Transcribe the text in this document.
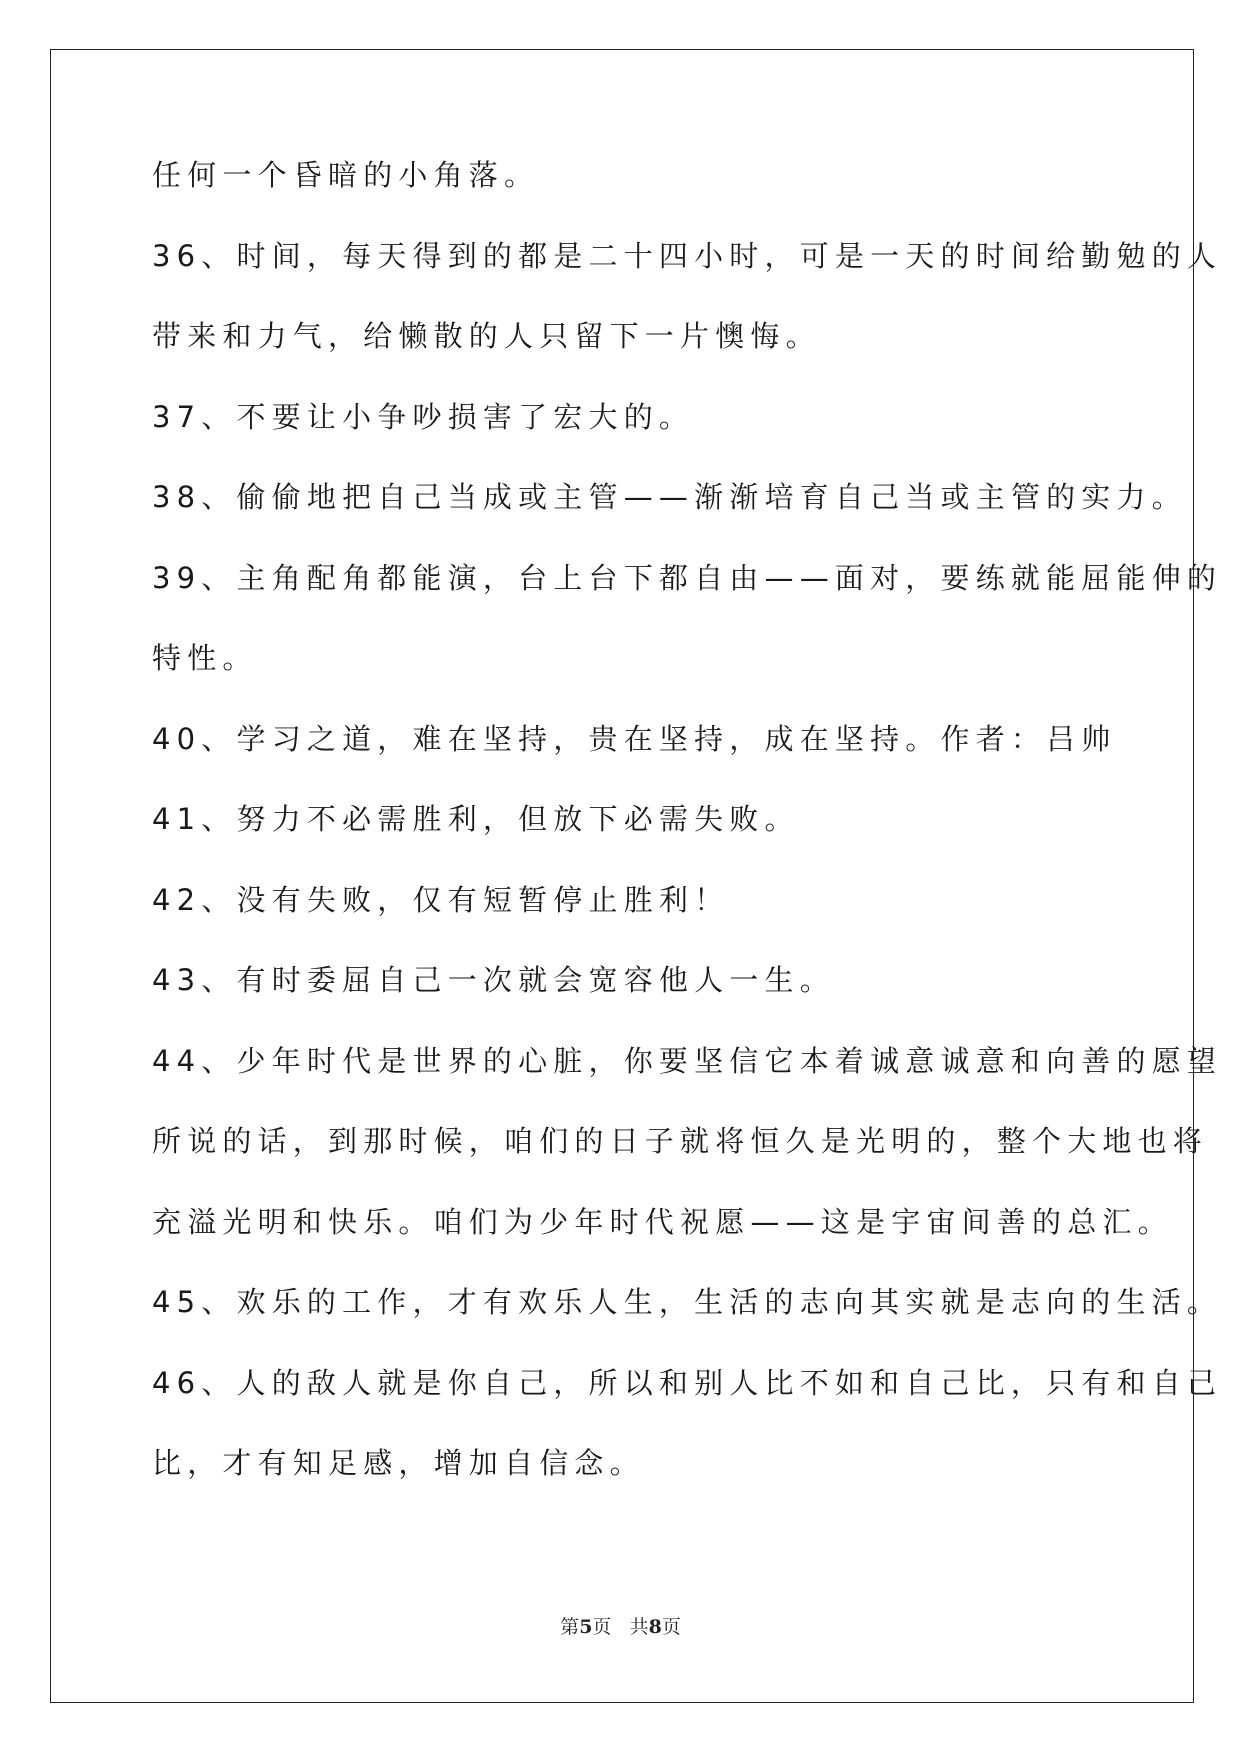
任何一个昏暗的小角落。
36、时间，每天得到的都是二十四小时，可是一天的时间给勤勉的人
带来和力气，给懒散的人只留下一片懊悔。
37、不要让小争吵损害了宏大的。
38、偷偷地把自己当成或主管——渐渐培育自己当或主管的实力。
39、主角配角都能演，台上台下都自由——面对，要练就能屈能伸的
特性。
40、学习之道，难在坚持，贵在坚持，成在坚持。作者：吕帅
41、努力不必需胜利，但放下必需失败。
42、没有失败，仅有短暂停止胜利！
43、有时委屈自己一次就会宽容他人一生。
44、少年时代是世界的心脏，你要坚信它本着诚意诚意和向善的愿望
所说的话，到那时候，咱们的日子就将恒久是光明的，整个大地也将
充溢光明和快乐。咱们为少年时代祝愿——这是宇宙间善的总汇。
45、欢乐的工作，才有欢乐人生，生活的志向其实就是志向的生活。
46、人的敌人就是你自己，所以和别人比不如和自己比，只有和自己
比，才有知足感，增加自信念。
第5页 共8页
